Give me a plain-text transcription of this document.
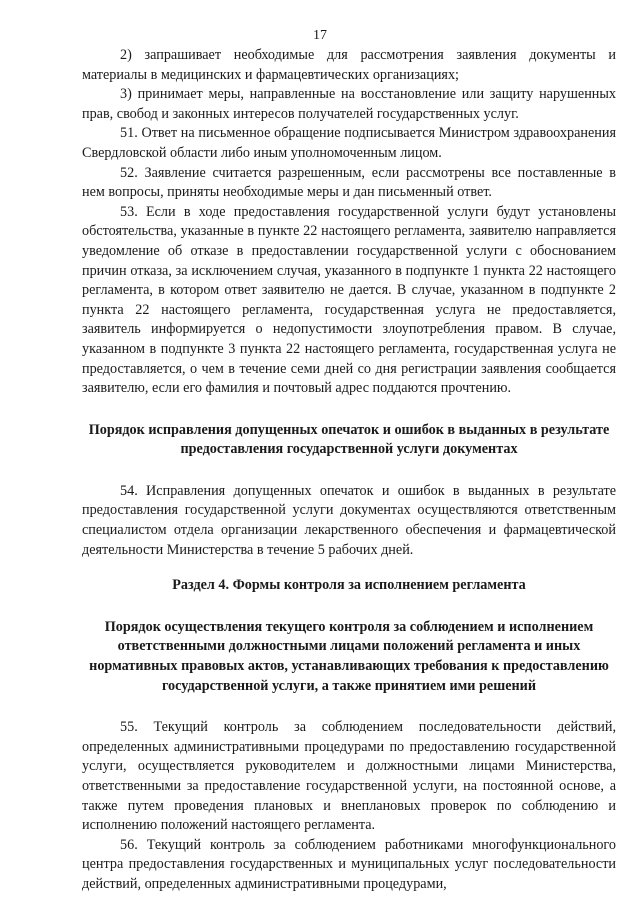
17

2) запрашивает необходимые для рассмотрения заявления документы и материалы в медицинских и фармацевтических организациях;

3) принимает меры, направленные на восстановление или защиту нарушенных прав, свобод и законных интересов получателей государственных услуг.

51. Ответ на письменное обращение подписывается Министром здравоохранения Свердловской области либо иным уполномоченным лицом.

52. Заявление считается разрешенным, если рассмотрены все поставленные в нем вопросы, приняты необходимые меры и дан письменный ответ.

53. Если в ходе предоставления государственной услуги будут установлены обстоятельства, указанные в пункте 22 настоящего регламента, заявителю направляется уведомление об отказе в предоставлении государственной услуги с обоснованием причин отказа, за исключением случая, указанного в подпункте 1 пункта 22 настоящего регламента, в котором ответ заявителю не дается. В случае, указанном в подпункте 2 пункта 22 настоящего регламента, государственная услуга не предоставляется, заявитель информируется о недопустимости злоупотребления правом. В случае, указанном в подпункте 3 пункта 22 настоящего регламента, государственная услуга не предоставляется, о чем в течение семи дней со дня регистрации заявления сообщается заявителю, если его фамилия и почтовый адрес поддаются прочтению.

Порядок исправления допущенных опечаток и ошибок в выданных в результате предоставления государственной услуги документах

54. Исправления допущенных опечаток и ошибок в выданных в результате предоставления государственной услуги документах осуществляются ответственным специалистом отдела организации лекарственного обеспечения и фармацевтической деятельности Министерства в течение 5 рабочих дней.

Раздел 4. Формы контроля за исполнением регламента
Порядок осуществления текущего контроля за соблюдением и исполнением ответственными должностными лицами положений регламента и иных нормативных правовых актов, устанавливающих требования к предоставлению государственной услуги, а также принятием ими решений

55. Текущий контроль за соблюдением последовательности действий, определенных административными процедурами по предоставлению государственной услуги, осуществляется руководителем и должностными лицами Министерства, ответственными за предоставление государственной услуги, на постоянной основе, а также путем проведения плановых и внеплановых проверок по соблюдению и исполнению положений настоящего регламента.

56. Текущий контроль за соблюдением работниками многофункционального центра предоставления государственных и муниципальных услуг последовательности действий, определенных административными процедурами,
